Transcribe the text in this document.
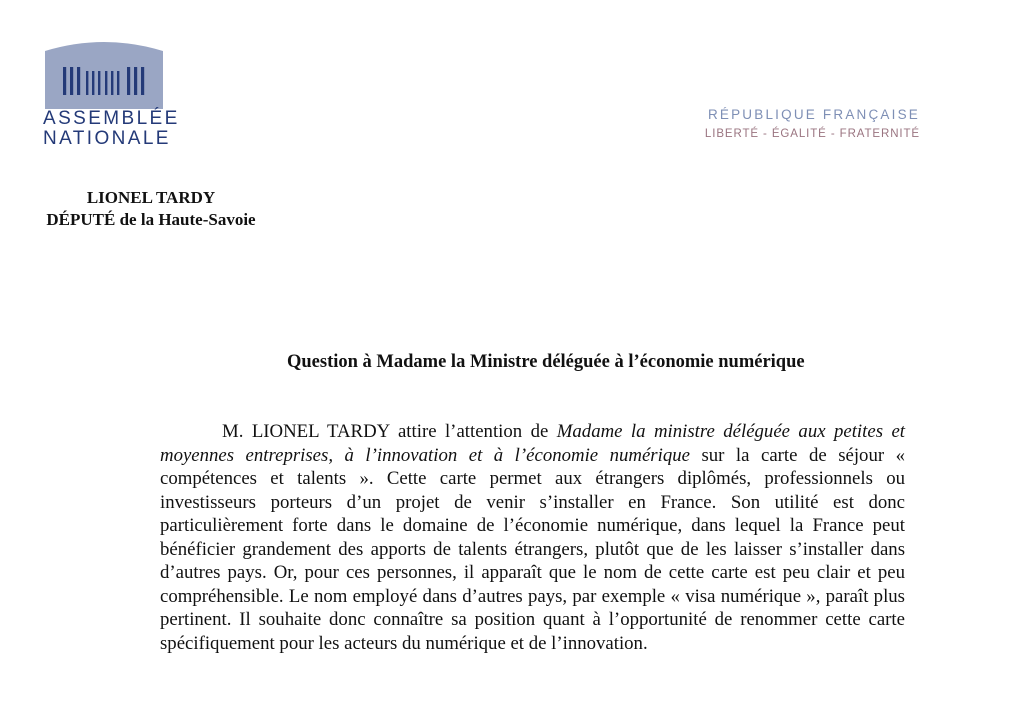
ASSEMBLÉE
NATIONALE
RÉPUBLIQUE FRANÇAISE
LIBERTÉ - ÉGALITÉ - FRATERNITÉ
LIONEL TARDY
DÉPUTÉ de la Haute-Savoie
Question à Madame la Ministre déléguée à l’économie numérique
M. LIONEL TARDY attire l’attention de Madame la ministre déléguée aux petites et moyennes entreprises, à l’innovation et à l’économie numérique sur la carte de séjour « compétences et talents ». Cette carte permet aux étrangers diplômés, professionnels ou investisseurs porteurs d’un projet de venir s’installer en France. Son utilité est donc particulièrement forte dans le domaine de l’économie numérique, dans lequel la France peut bénéficier grandement des apports de talents étrangers, plutôt que de les laisser s’installer dans d’autres pays. Or, pour ces personnes, il apparaît que le nom de cette carte est peu clair et peu compréhensible. Le nom employé dans d’autres pays, par exemple « visa numérique », paraît plus pertinent. Il souhaite donc connaître sa position quant à l’opportunité de renommer cette carte spécifiquement pour les acteurs du numérique et de l’innovation.
